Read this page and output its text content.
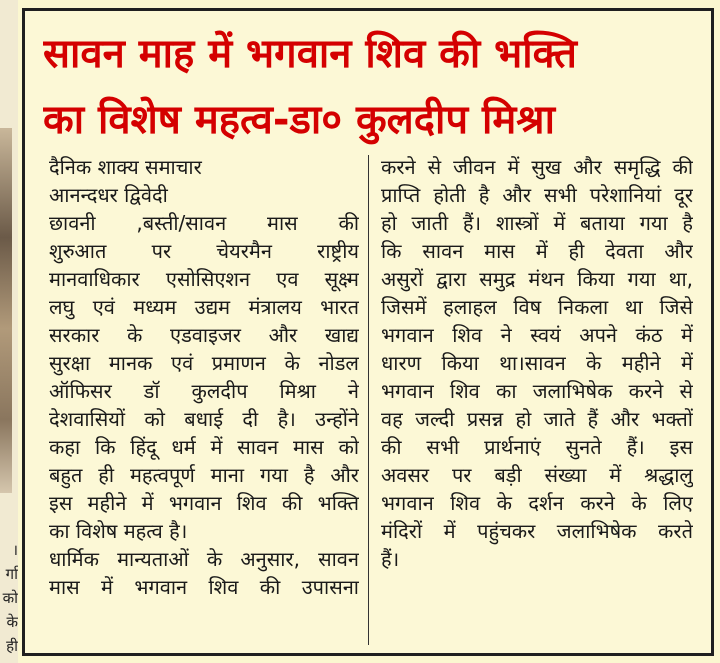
।
र्गा
को
के
ही
सावन माह में भगवान शिव की भक्ति
का विशेष महत्व-डा० कुलदीप मिश्रा
दैनिक शाक्य समाचार
आनन्दधर द्विवेदी
छावनी ,बस्ती/सावन मास की
शुरुआत पर चेयरमैन राष्ट्रीय
मानवाधिकार एसोसिएशन एव सूक्ष्म
लघु एवं मध्यम उद्यम मंत्रालय भारत
सरकार के एडवाइजर और खाद्य
सुरक्षा मानक एवं प्रमाणन के नोडल
ऑफिसर डॉ कुलदीप मिश्रा ने
देशवासियों को बधाई दी है। उन्होंने
कहा कि हिंदू धर्म में सावन मास को
बहुत ही महत्वपूर्ण माना गया है और
इस महीने में भगवान शिव की भक्ति
का विशेष महत्व है।
धार्मिक मान्यताओं के अनुसार, सावन
मास में भगवान शिव की उपासना
करने से जीवन में सुख और समृद्धि की
प्राप्ति होती है और सभी परेशानियां दूर
हो जाती हैं। शास्त्रों में बताया गया है
कि सावन मास में ही देवता और
असुरों द्वारा समुद्र मंथन किया गया था,
जिसमें हलाहल विष निकला था जिसे
भगवान शिव ने स्वयं अपने कंठ में
धारण किया था।सावन के महीने में
भगवान शिव का जलाभिषेक करने से
वह जल्दी प्रसन्न हो जाते हैं और भक्तों
की सभी प्रार्थनाएं सुनते हैं। इस
अवसर पर बड़ी संख्या में श्रद्धालु
भगवान शिव के दर्शन करने के लिए
मंदिरों में पहुंचकर जलाभिषेक करते
हैं।
